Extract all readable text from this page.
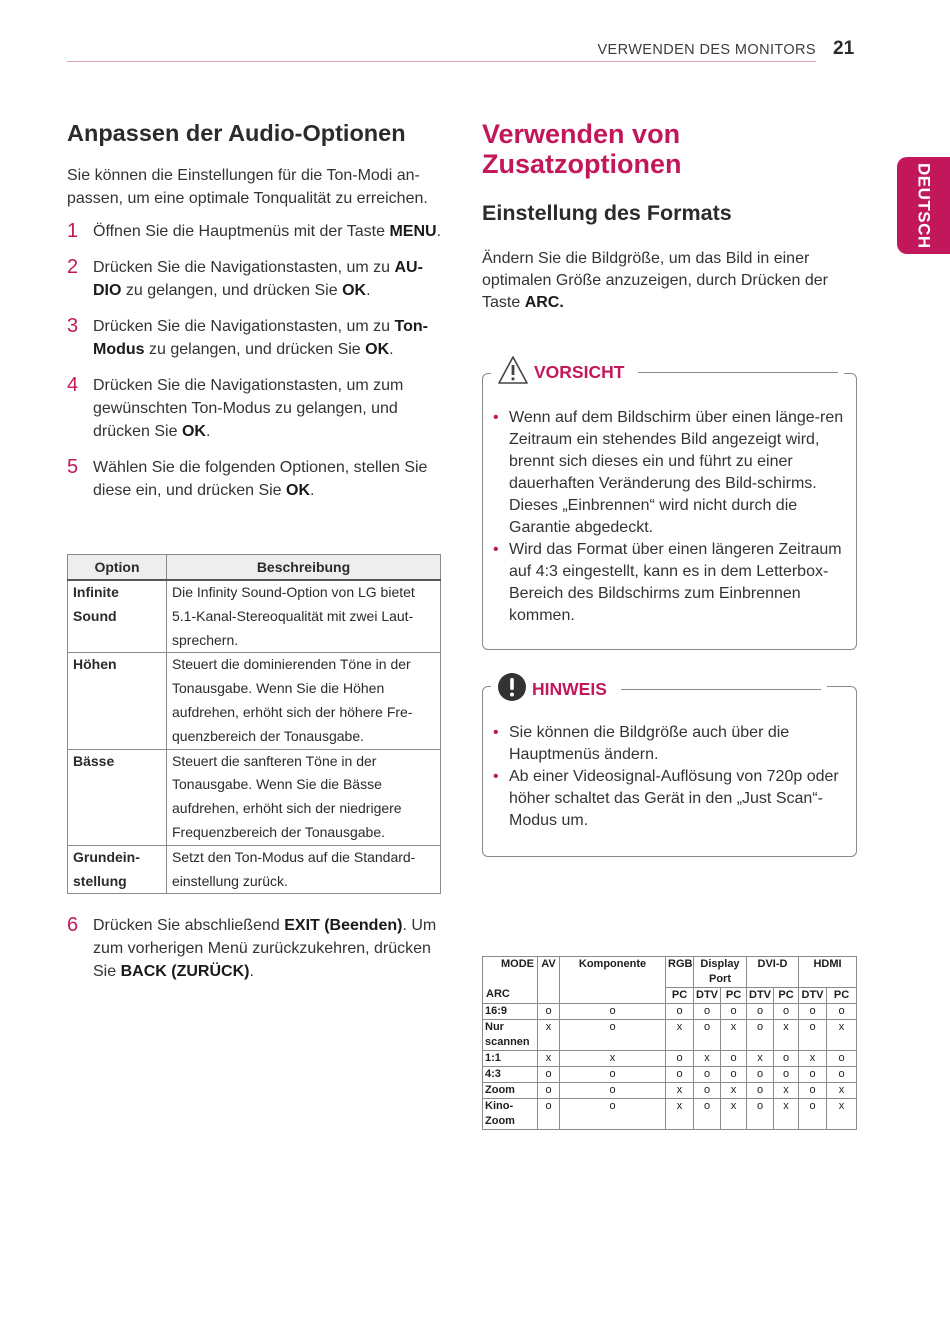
VERWENDEN DES MONITORS 21
DEUTSCH
Anpassen der Audio-Optionen

Sie können die Einstellungen für die Ton-Modi an-passen, um eine optimale Tonqualität zu erreichen.

1 Öffnen Sie die Hauptmenüs mit der Taste MENU.
2 Drücken Sie die Navigationstasten, um zu AU-DIO zu gelangen, und drücken Sie OK.
3 Drücken Sie die Navigationstasten, um zu Ton-Modus zu gelangen, und drücken Sie OK.
4 Drücken Sie die Navigationstasten, um zum gewünschten Ton-Modus zu gelangen, und drücken Sie OK.
5 Wählen Sie die folgenden Optionen, stellen Sie diese ein, und drücken Sie OK.
Option	Beschreibung
Infinite Sound	Die Infinity Sound-Option von LG bietet 5.1-Kanal-Stereoqualität mit zwei Laut-sprechern.
Höhen	Steuert die dominierenden Töne in der Tonausgabe. Wenn Sie die Höhen aufdrehen, erhöht sich der höhere Fre-quenzbereich der Tonausgabe.
Bässe	Steuert die sanfteren Töne in der Tonausgabe. Wenn Sie die Bässe aufdrehen, erhöht sich der niedrigere Frequenzbereich der Tonausgabe.
Grundein-stellung	Setzt den Ton-Modus auf die Standard-einstellung zurück.
6 Drücken Sie abschließend EXIT (Beenden). Um zum vorherigen Menü zurückzukehren, drücken Sie BACK (ZURÜCK).
Verwenden von Zusatzoptionen
Einstellung des Formats

Ändern Sie die Bildgröße, um das Bild in einer optimalen Größe anzuzeigen, durch Drücken der Taste ARC.

VORSICHT
• Wenn auf dem Bildschirm über einen länge-ren Zeitraum ein stehendes Bild angezeigt wird, brennt sich dieses ein und führt zu einer dauerhaften Veränderung des Bild-schirms. Dieses „Einbrennen“ wird nicht durch die Garantie abgedeckt.
• Wird das Format über einen längeren Zeitraum auf 4:3 eingestellt, kann es in dem Letterbox-Bereich des Bildschirms zum Einbrennen kommen.
HINWEIS
• Sie können die Bildgröße auch über die Hauptmenüs ändern.
• Ab einer Videosignal-Auflösung von 720p oder höher schaltet das Gerät in den „Just Scan“-Modus um.
MODE
ARC	AV	Komponente	RGB	Display Port		DVI-D		HDMI	
			PC	DTV	PC	DTV	PC	DTV	PC
16:9	o	o	o	o	o	o	o	o	o
Nur scannen	x	o	x	o	x	o	x	o	x
1:1	x	x	o	x	o	x	o	x	o
4:3	o	o	o	o	o	o	o	o	o
Zoom	o	o	x	o	x	o	x	o	x
Kino-Zoom	o	o	x	o	x	o	x	o	x
